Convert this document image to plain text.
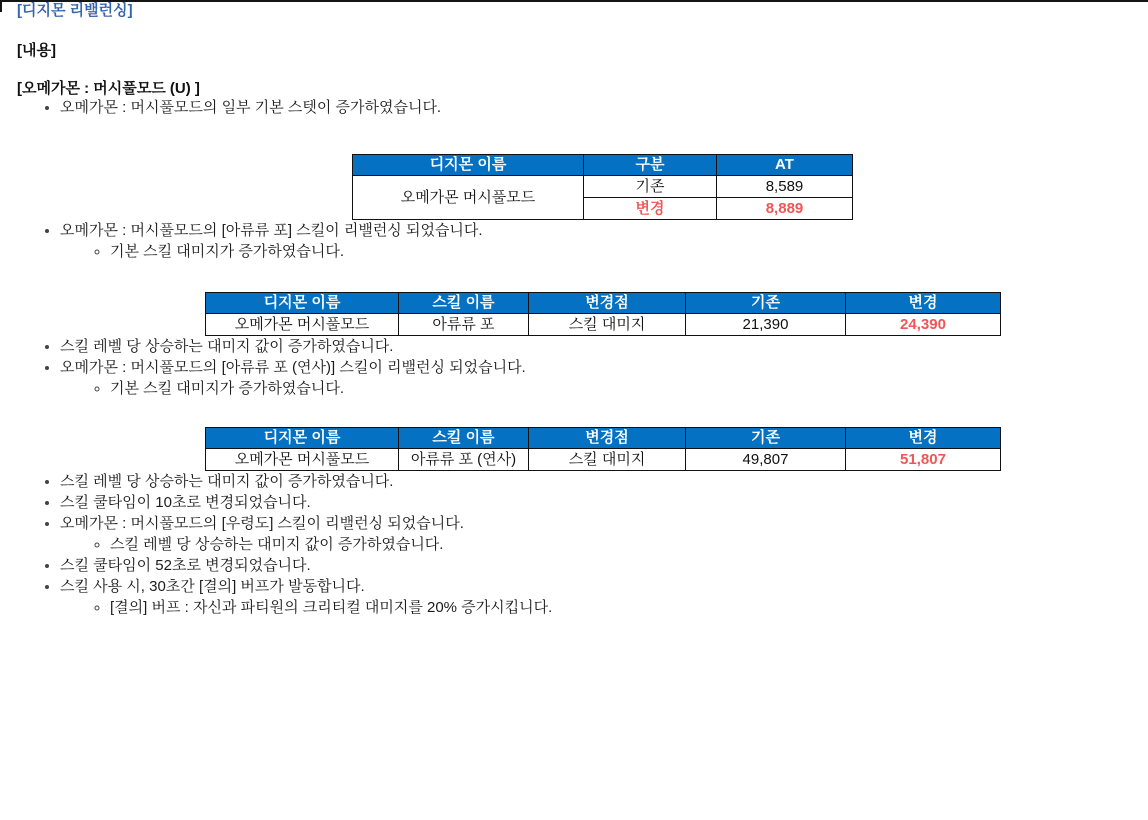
[디지몬 리밸런싱]
[내용]
[오메가몬 : 머시풀모드 (U) ]
• 오메가몬 : 머시풀모드의 일부 기본 스텟이 증가하였습니다.
디지몬 이름	구분	AT
오메가몬 머시풀모드	기존	8,589
	변경	8,889
• 오메가몬 : 머시풀모드의 [아류류 포] 스킬이 리밸런싱 되었습니다.
◦ 기본 스킬 대미지가 증가하였습니다.
디지몬 이름	스킬 이름	변경점	기존	변경
오메가몬 머시풀모드	아류류 포	스킬 대미지	21,390	24,390
• 스킬 레벨 당 상승하는 대미지 값이 증가하였습니다.
• 오메가몬 : 머시풀모드의 [아류류 포 (연사)] 스킬이 리밸런싱 되었습니다.
◦ 기본 스킬 대미지가 증가하였습니다.
디지몬 이름	스킬 이름	변경점	기존	변경
오메가몬 머시풀모드	아류류 포 (연사)	스킬 대미지	49,807	51,807
• 스킬 레벨 당 상승하는 대미지 값이 증가하였습니다.
• 스킬 쿨타임이 10초로 변경되었습니다.
• 오메가몬 : 머시풀모드의 [우령도] 스킬이 리밸런싱 되었습니다.
◦ 스킬 레벨 당 상승하는 대미지 값이 증가하였습니다.
• 스킬 쿨타임이 52초로 변경되었습니다.
• 스킬 사용 시, 30초간 [결의] 버프가 발동합니다.
◦ [결의] 버프 : 자신과 파티원의 크리티컬 대미지를 20% 증가시킵니다.
